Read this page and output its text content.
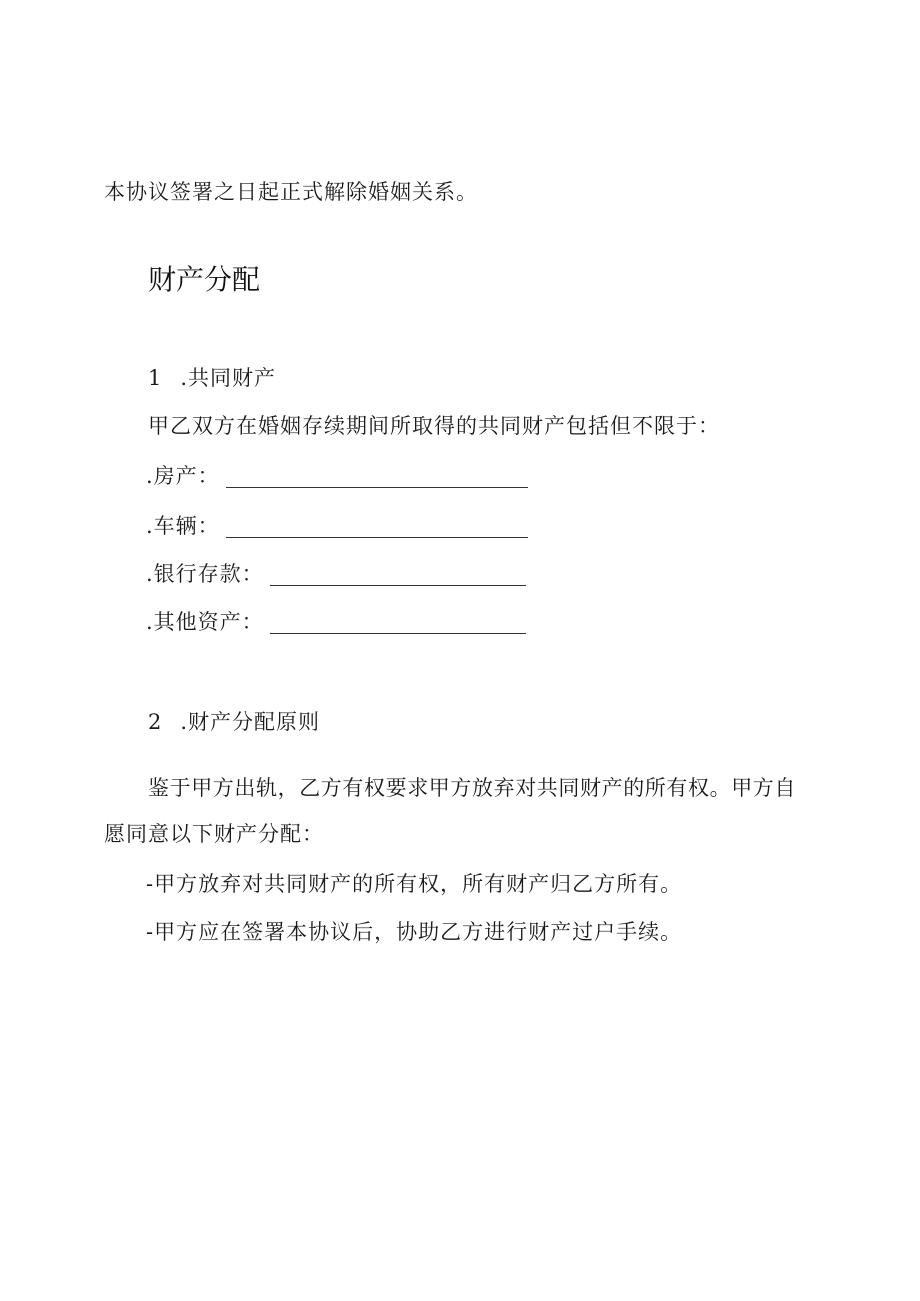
本协议签署之日起正式解除婚姻关系。
财产分配
1 .共同财产
甲乙双方在婚姻存续期间所取得的共同财产包括但不限于：
.房产：
.车辆：
.银行存款：
.其他资产：
2 .财产分配原则
鉴于甲方出轨，乙方有权要求甲方放弃对共同财产的所有权。甲方自
愿同意以下财产分配：
-甲方放弃对共同财产的所有权，所有财产归乙方所有。
-甲方应在签署本协议后，协助乙方进行财产过户手续。
